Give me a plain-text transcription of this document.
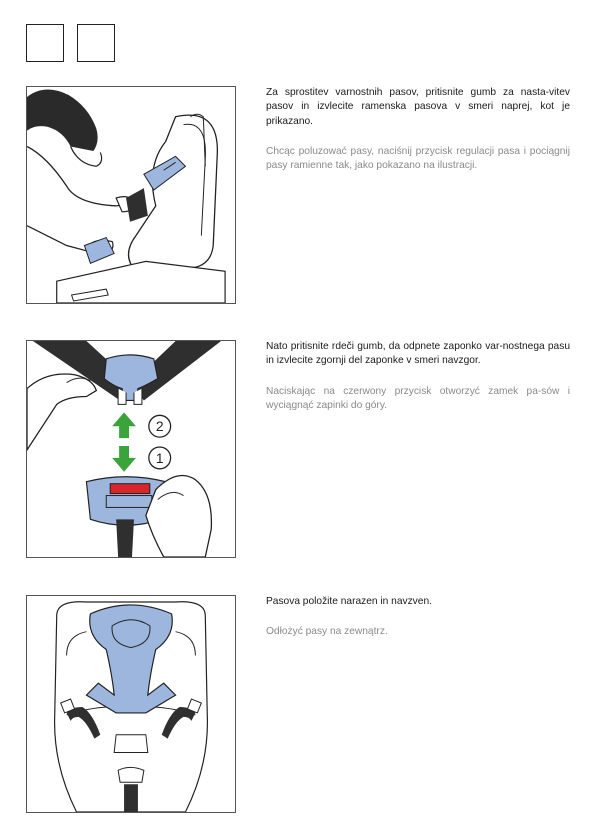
Za sprostitev varnostnih pasov, pritisnite gumb za nasta-vitev pasov in izvlecite ramenska pasova v smeri naprej, kot je prikazano.

Chcąc poluzować pasy, naciśnij przycisk regulacji pasa i pociągnij pasy ramienne tak, jako pokazano na ilustracji.

2
1

Nato pritisnite rdeči gumb, da odpnete zaponko var-nostnega pasu in izvlecite zgornji del zaponke v smeri navzgor.

Naciskając na czerwony przycisk otworzyć zamek pa-sów i wyciągnąć zapinki do góry.

Pasova položite narazen in navzven.

Odłożyć pasy na zewnątrz.
